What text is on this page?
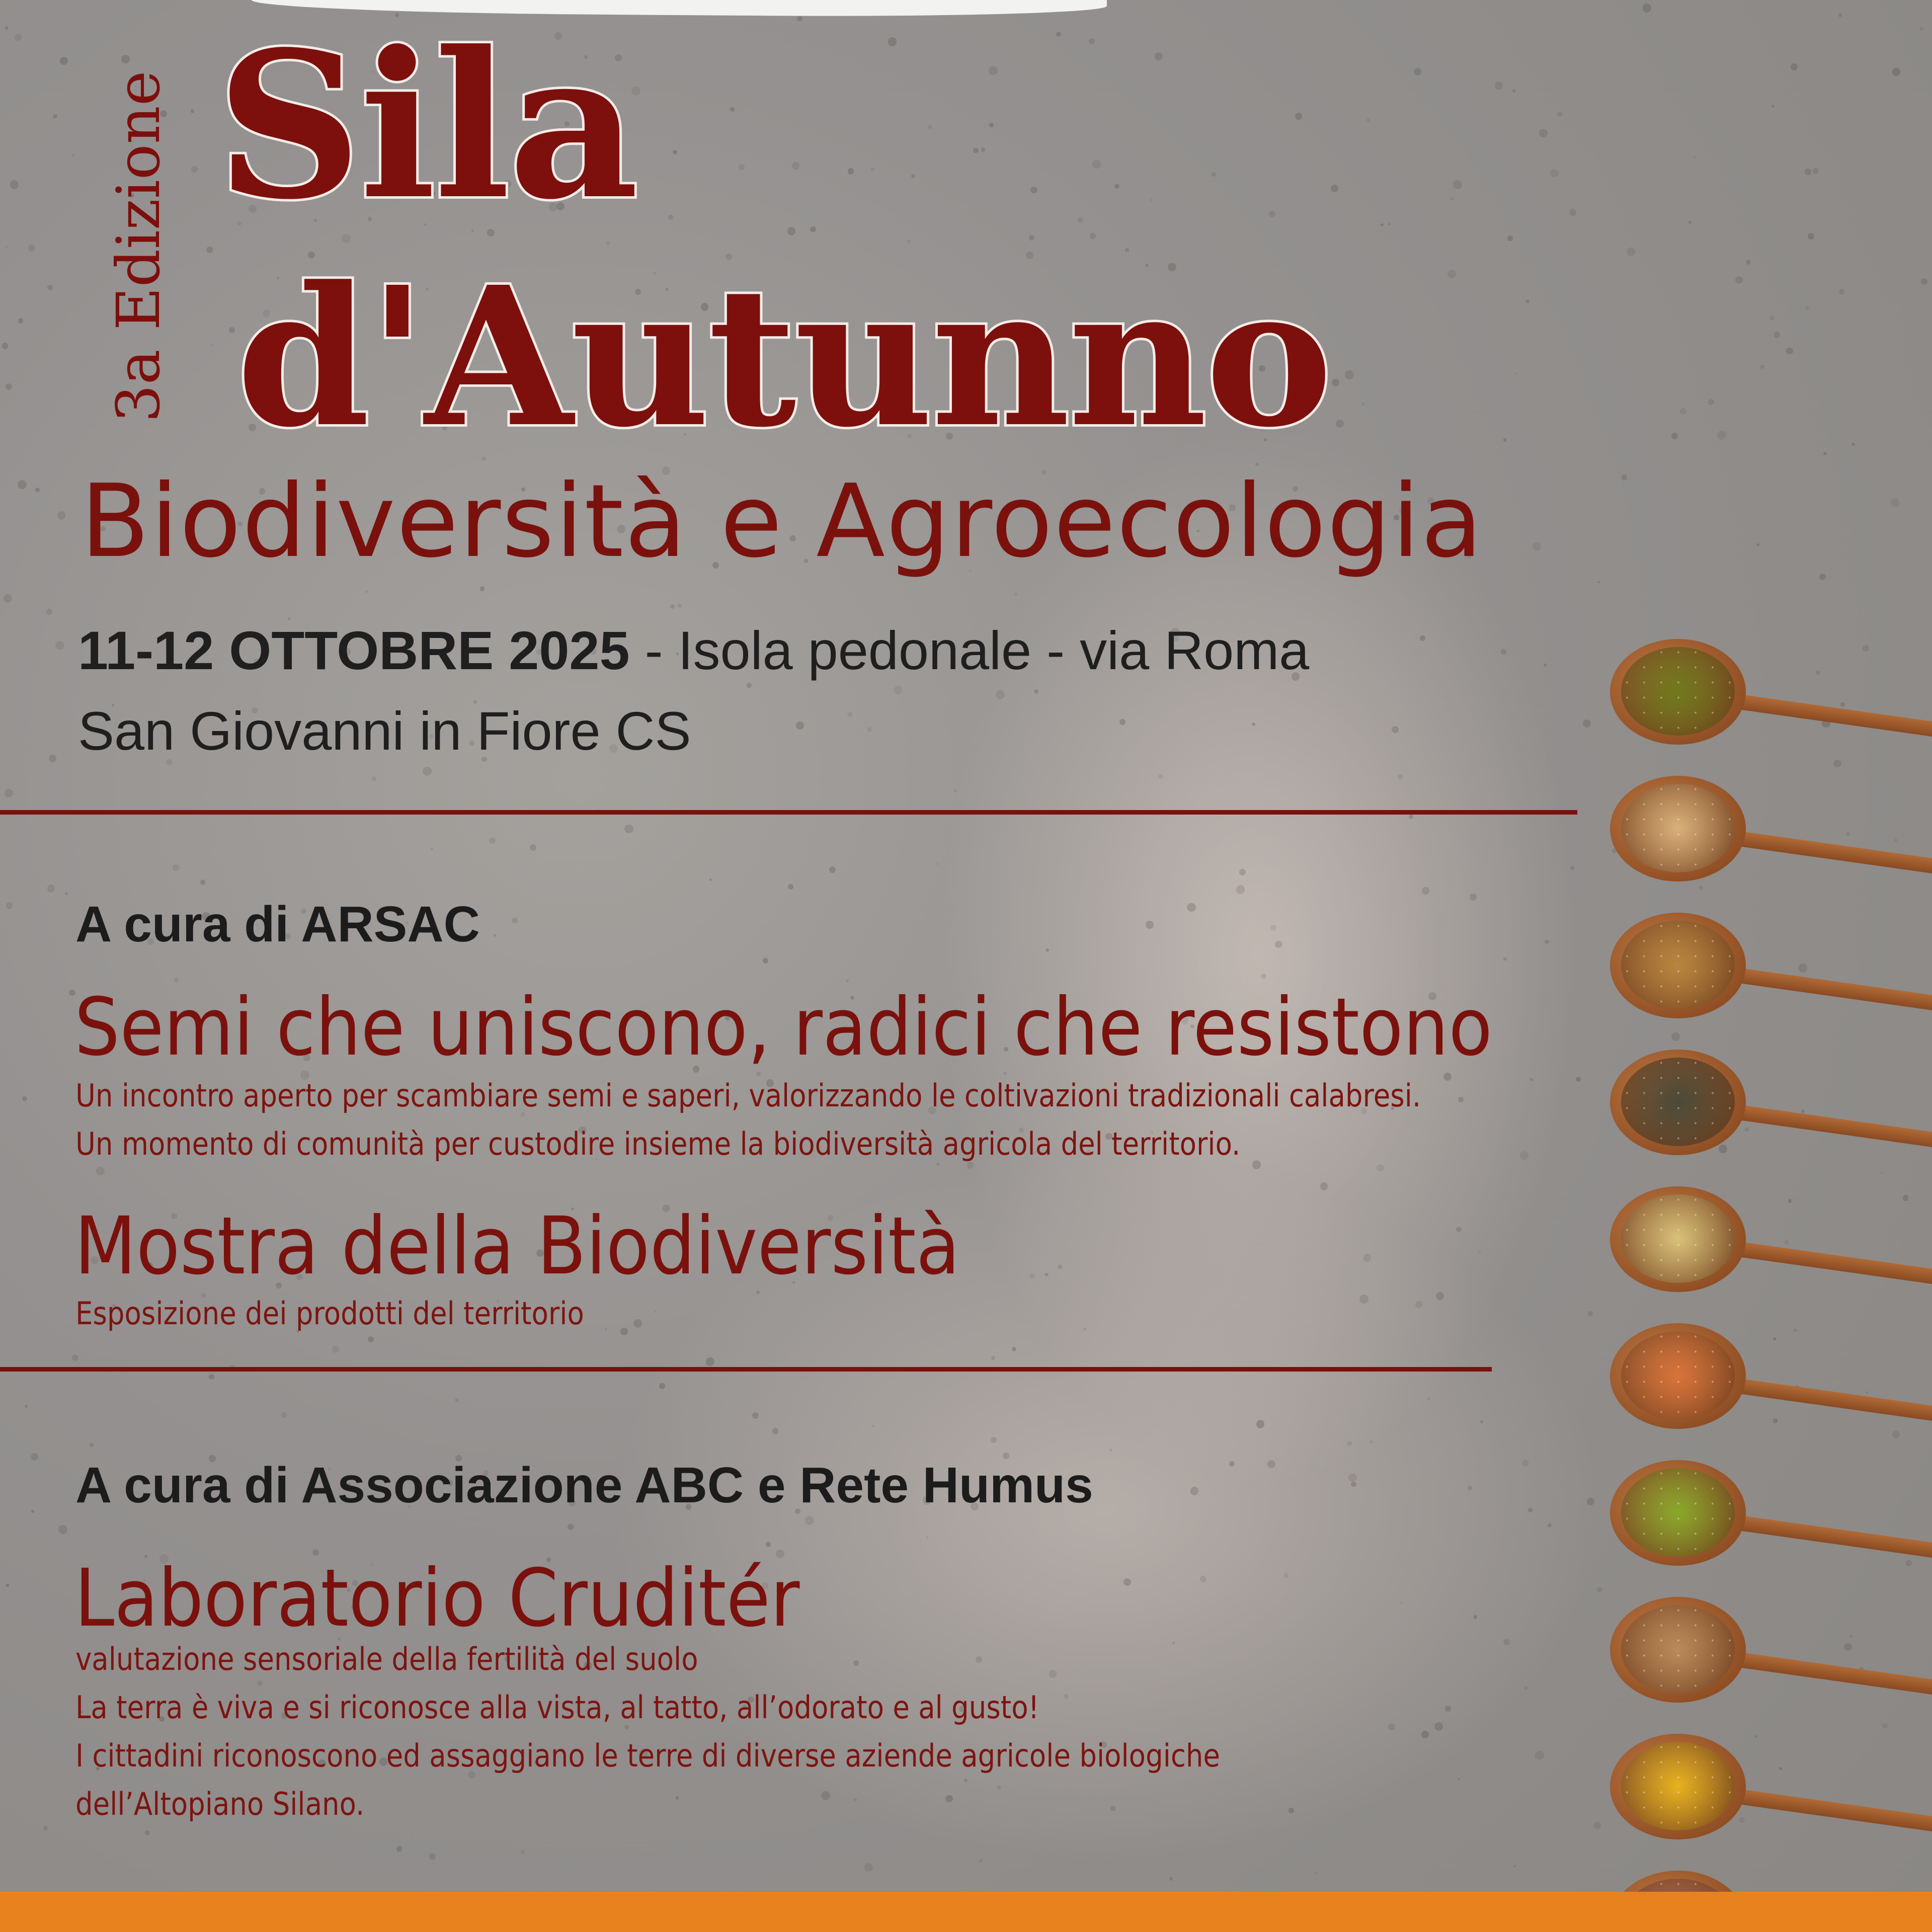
3a Edizione Sila
d'Autunno
Biodiversità e Agroecologia
11-12 OTTOBRE 2025 - Isola pedonale - via Roma
San Giovanni in Fiore CS
A cura di ARSAC
Semi che uniscono, radici che resistono
Un incontro aperto per scambiare semi e saperi, valorizzando le coltivazioni tradizionali calabresi.
Un momento di comunità per custodire insieme la biodiversità agricola del territorio.
Mostra della Biodiversità
Esposizione dei prodotti del territorio
A cura di Associazione ABC e Rete Humus
Laboratorio Cruditér
valutazione sensoriale della fertilità del suolo
La terra è viva e si riconosce alla vista, al tatto, all’odorato e al gusto!
I cittadini riconoscono ed assaggiano le terre di diverse aziende agricole biologiche
dell’Altopiano Silano.
